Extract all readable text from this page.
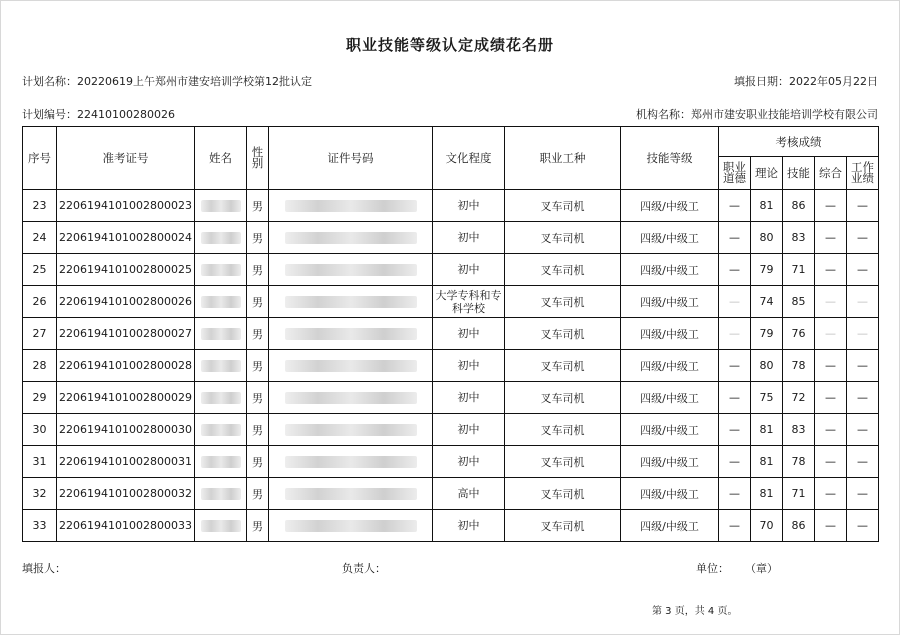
职业技能等级认定成绩花名册
计划名称：20220619上午郑州市建安培训学校第12批认定	填报日期：2022年05月22日
计划编号：22410100280026	机构名称：郑州市建安职业技能培训学校有限公司
序号	准考证号	姓名	性别	证件号码	文化程度	职业工种	技能等级	考核成绩				
								职业道德	理论	技能	综合	工作业绩
23	2206194101002800023		男		初中	叉车司机	四级/中级工	—	81	86	—	—
24	2206194101002800024		男		初中	叉车司机	四级/中级工	—	80	83	—	—
25	2206194101002800025		男		初中	叉车司机	四级/中级工	—	79	71	—	—
26	2206194101002800026		男		大学专科和专科学校	叉车司机	四级/中级工	—	74	85	—	—
27	2206194101002800027		男		初中	叉车司机	四级/中级工	—	79	76	—	—
28	2206194101002800028		男		初中	叉车司机	四级/中级工	—	80	78	—	—
29	2206194101002800029		男		初中	叉车司机	四级/中级工	—	75	72	—	—
30	2206194101002800030		男		初中	叉车司机	四级/中级工	—	81	83	—	—
31	2206194101002800031		男		初中	叉车司机	四级/中级工	—	81	78	—	—
32	2206194101002800032		男		高中	叉车司机	四级/中级工	—	81	71	—	—
33	2206194101002800033		男		初中	叉车司机	四级/中级工	—	70	86	—	—
填报人：	负责人：	单位： （章）
第 3 页，共 4 页。
